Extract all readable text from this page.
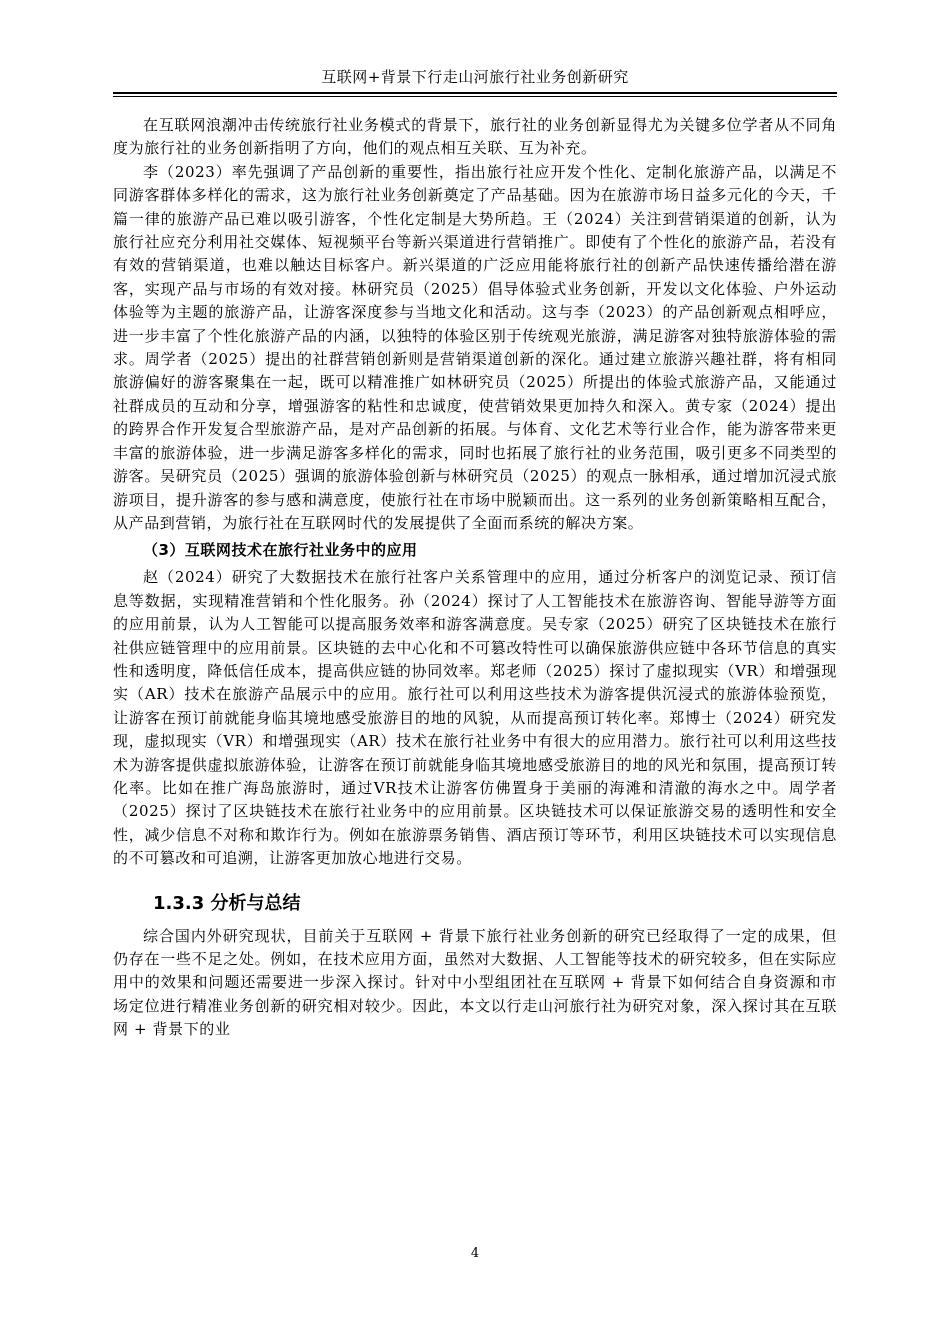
互联网+背景下行走山河旅行社业务创新研究

在互联网浪潮冲击传统旅行社业务模式的背景下，旅行社的业务创新显得尤为关键多位学者从不同角度为旅行社的业务创新指明了方向，他们的观点相互关联、互为补充。

李（2023）率先强调了产品创新的重要性，指出旅行社应开发个性化、定制化旅游产品，以满足不同游客群体多样化的需求，这为旅行社业务创新奠定了产品基础。因为在旅游市场日益多元化的今天，千篇一律的旅游产品已难以吸引游客，个性化定制是大势所趋。王（2024）关注到营销渠道的创新，认为旅行社应充分利用社交媒体、短视频平台等新兴渠道进行营销推广。即使有了个性化的旅游产品，若没有有效的营销渠道，也难以触达目标客户。新兴渠道的广泛应用能将旅行社的创新产品快速传播给潜在游客，实现产品与市场的有效对接。林研究员（2025）倡导体验式业务创新，开发以文化体验、户外运动体验等为主题的旅游产品，让游客深度参与当地文化和活动。这与李（2023）的产品创新观点相呼应，进一步丰富了个性化旅游产品的内涵，以独特的体验区别于传统观光旅游，满足游客对独特旅游体验的需求。周学者（2025）提出的社群营销创新则是营销渠道创新的深化。通过建立旅游兴趣社群，将有相同旅游偏好的游客聚集在一起，既可以精准推广如林研究员（2025）所提出的体验式旅游产品，又能通过社群成员的互动和分享，增强游客的粘性和忠诚度，使营销效果更加持久和深入。黄专家（2024）提出的跨界合作开发复合型旅游产品，是对产品创新的拓展。与体育、文化艺术等行业合作，能为游客带来更丰富的旅游体验，进一步满足游客多样化的需求，同时也拓展了旅行社的业务范围，吸引更多不同类型的游客。吴研究员（2025）强调的旅游体验创新与林研究员（2025）的观点一脉相承，通过增加沉浸式旅游项目，提升游客的参与感和满意度，使旅行社在市场中脱颖而出。这一系列的业务创新策略相互配合，从产品到营销，为旅行社在互联网时代的发展提供了全面而系统的解决方案。

（3）互联网技术在旅行社业务中的应用

赵（2024）研究了大数据技术在旅行社客户关系管理中的应用，通过分析客户的浏览记录、预订信息等数据，实现精准营销和个性化服务。孙（2024）探讨了人工智能技术在旅游咨询、智能导游等方面的应用前景，认为人工智能可以提高服务效率和游客满意度。吴专家（2025）研究了区块链技术在旅行社供应链管理中的应用前景。区块链的去中心化和不可篡改特性可以确保旅游供应链中各环节信息的真实性和透明度，降低信任成本，提高供应链的协同效率。郑老师（2025）探讨了虚拟现实（VR）和增强现实（AR）技术在旅游产品展示中的应用。旅行社可以利用这些技术为游客提供沉浸式的旅游体验预览，让游客在预订前就能身临其境地感受旅游目的地的风貌，从而提高预订转化率。郑博士（2024）研究发现，虚拟现实（VR）和增强现实（AR）技术在旅行社业务中有很大的应用潜力。旅行社可以利用这些技术为游客提供虚拟旅游体验，让游客在预订前就能身临其境地感受旅游目的地的风光和氛围，提高预订转化率。比如在推广海岛旅游时，通过VR技术让游客仿佛置身于美丽的海滩和清澈的海水之中。周学者（2025）探讨了区块链技术在旅行社业务中的应用前景。区块链技术可以保证旅游交易的透明性和安全性，减少信息不对称和欺诈行为。例如在旅游票务销售、酒店预订等环节，利用区块链技术可以实现信息的不可篡改和可追溯，让游客更加放心地进行交易。

1.3.3 分析与总结

综合国内外研究现状，目前关于互联网 + 背景下旅行社业务创新的研究已经取得了一定的成果，但仍存在一些不足之处。例如，在技术应用方面，虽然对大数据、人工智能等技术的研究较多，但在实际应用中的效果和问题还需要进一步深入探讨。针对中小型组团社在互联网 + 背景下如何结合自身资源和市场定位进行精准业务创新的研究相对较少。因此，本文以行走山河旅行社为研究对象，深入探讨其在互联网 + 背景下的业

4
